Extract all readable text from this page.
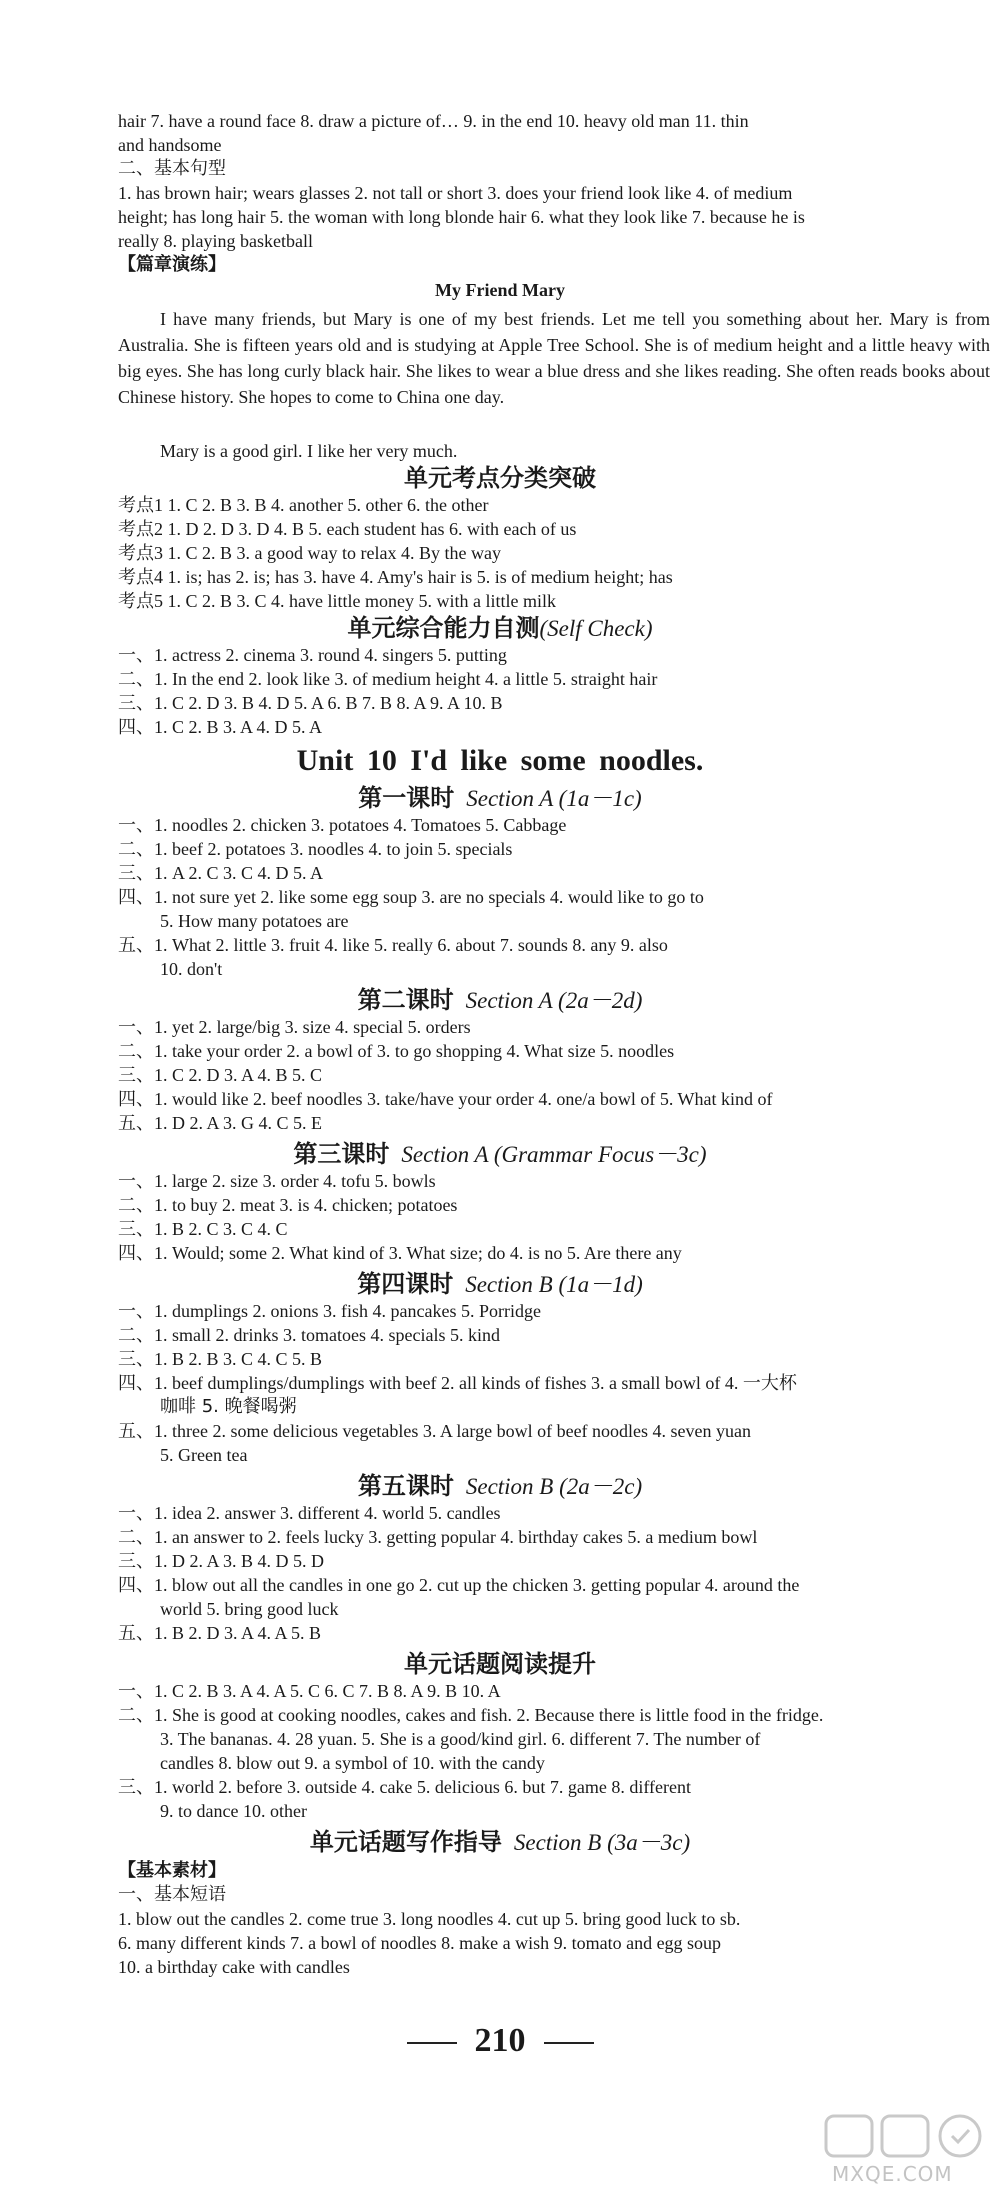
hair 7. have a round face 8. draw a picture of… 9. in the end 10. heavy old man 11. thin
and handsome
二、基本句型
1. has brown hair; wears glasses 2. not tall or short 3. does your friend look like 4. of medium
height; has long hair 5. the woman with long blonde hair 6. what they look like 7. because he is
really 8. playing basketball
【篇章演练】
My Friend Mary

I have many friends, but Mary is one of my best friends. Let me tell you something about her. Mary is from Australia. She is fifteen years old and is studying at Apple Tree School. She is of medium height and a little heavy with big eyes. She has long curly black hair. She likes to wear a blue dress and she likes reading. She often reads books about Chinese history. She hopes to come to China one day.

Mary is a good girl. I like her very much.
单元考点分类突破
考点1 1. C 2. B 3. B 4. another 5. other 6. the other
考点2 1. D 2. D 3. D 4. B 5. each student has 6. with each of us
考点3 1. C 2. B 3. a good way to relax 4. By the way
考点4 1. is; has 2. is; has 3. have 4. Amy's hair is 5. is of medium height; has
考点5 1. C 2. B 3. C 4. have little money 5. with a little milk
单元综合能力自测(Self Check)
一、1. actress 2. cinema 3. round 4. singers 5. putting
二、1. In the end 2. look like 3. of medium height 4. a little 5. straight hair
三、1. C 2. D 3. B 4. D 5. A 6. B 7. B 8. A 9. A 10. B
四、1. C 2. B 3. A 4. D 5. A
Unit 10 I'd like some noodles.
第一课时 Section A (1a－1c)
一、1. noodles 2. chicken 3. potatoes 4. Tomatoes 5. Cabbage
二、1. beef 2. potatoes 3. noodles 4. to join 5. specials
三、1. A 2. C 3. C 4. D 5. A
四、1. not sure yet 2. like some egg soup 3. are no specials 4. would like to go to
5. How many potatoes are
五、1. What 2. little 3. fruit 4. like 5. really 6. about 7. sounds 8. any 9. also
10. don't
第二课时 Section A (2a－2d)
一、1. yet 2. large/big 3. size 4. special 5. orders
二、1. take your order 2. a bowl of 3. to go shopping 4. What size 5. noodles
三、1. C 2. D 3. A 4. B 5. C
四、1. would like 2. beef noodles 3. take/have your order 4. one/a bowl of 5. What kind of
五、1. D 2. A 3. G 4. C 5. E
第三课时 Section A (Grammar Focus－3c)
一、1. large 2. size 3. order 4. tofu 5. bowls
二、1. to buy 2. meat 3. is 4. chicken; potatoes
三、1. B 2. C 3. C 4. C
四、1. Would; some 2. What kind of 3. What size; do 4. is no 5. Are there any
第四课时 Section B (1a－1d)
一、1. dumplings 2. onions 3. fish 4. pancakes 5. Porridge
二、1. small 2. drinks 3. tomatoes 4. specials 5. kind
三、1. B 2. B 3. C 4. C 5. B
四、1. beef dumplings/dumplings with beef 2. all kinds of fishes 3. a small bowl of 4. 一大杯
咖啡 5. 晚餐喝粥
五、1. three 2. some delicious vegetables 3. A large bowl of beef noodles 4. seven yuan
5. Green tea
第五课时 Section B (2a－2c)
一、1. idea 2. answer 3. different 4. world 5. candles
二、1. an answer to 2. feels lucky 3. getting popular 4. birthday cakes 5. a medium bowl
三、1. D 2. A 3. B 4. D 5. D
四、1. blow out all the candles in one go 2. cut up the chicken 3. getting popular 4. around the
world 5. bring good luck
五、1. B 2. D 3. A 4. A 5. B
单元话题阅读提升
一、1. C 2. B 3. A 4. A 5. C 6. C 7. B 8. A 9. B 10. A
二、1. She is good at cooking noodles, cakes and fish. 2. Because there is little food in the fridge.
3. The bananas. 4. 28 yuan. 5. She is a good/kind girl. 6. different 7. The number of
candles 8. blow out 9. a symbol of 10. with the candy
三、1. world 2. before 3. outside 4. cake 5. delicious 6. but 7. game 8. different
9. to dance 10. other
单元话题写作指导 Section B (3a－3c)
【基本素材】
一、基本短语
1. blow out the candles 2. come true 3. long noodles 4. cut up 5. bring good luck to sb.
6. many different kinds 7. a bowl of noodles 8. make a wish 9. tomato and egg soup
10. a birthday cake with candles
210
MXQE.COM
